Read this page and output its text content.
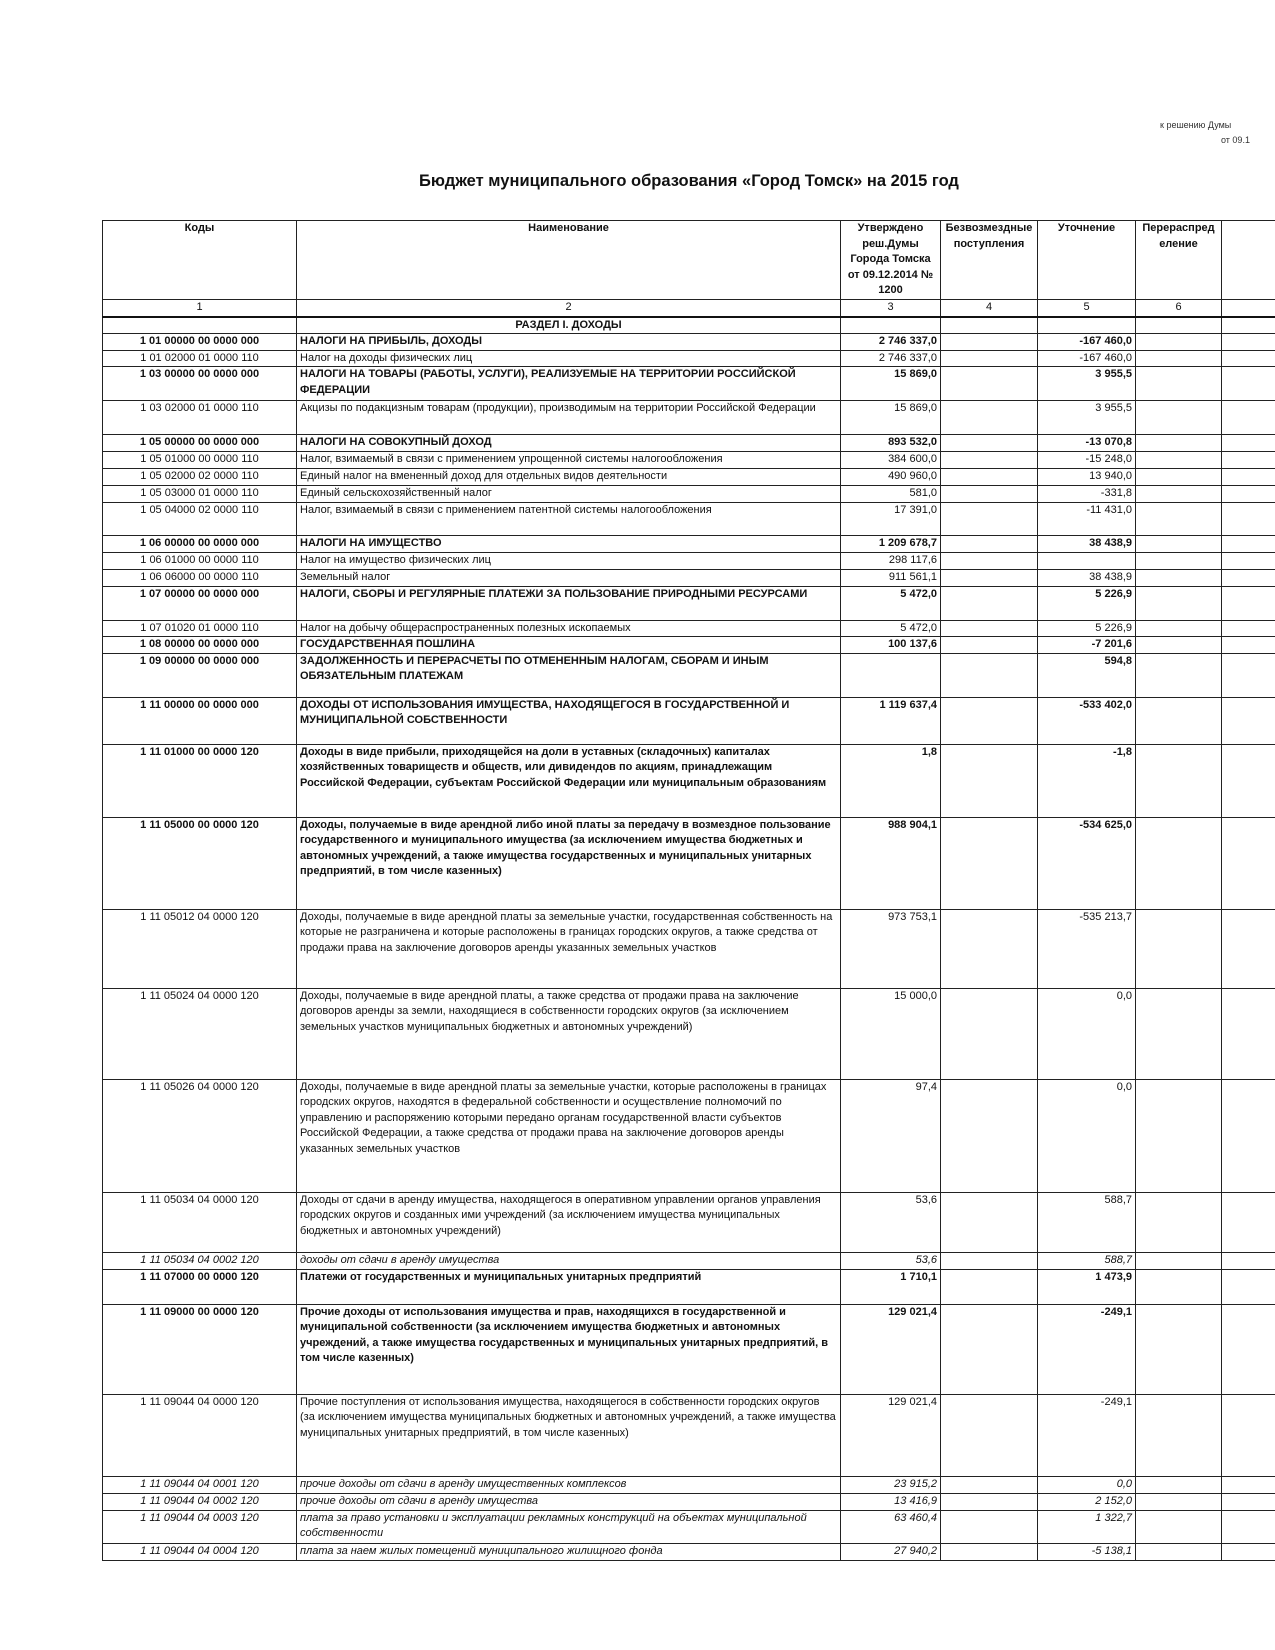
к решению Думы
от 09.1
Бюджет муниципального образования «Город Томск» на 2015 год
Коды	Наименование	Утверждено реш.Думы Города Томска от 09.12.2014 № 1200	Безвозмездные поступления	Уточнение	Перераспред еление	
1	2	3	4	5	6	
	РАЗДЕЛ I. ДОХОДЫ					
1 01 00000 00 0000 000	НАЛОГИ НА ПРИБЫЛЬ, ДОХОДЫ	2 746 337,0		-167 460,0		
1 01 02000 01 0000 110	Налог на доходы физических лиц	2 746 337,0		-167 460,0		
1 03 00000 00 0000 000	НАЛОГИ НА ТОВАРЫ (РАБОТЫ, УСЛУГИ), РЕАЛИЗУЕМЫЕ НА ТЕРРИТОРИИ РОССИЙСКОЙ ФЕДЕРАЦИИ	15 869,0		3 955,5		
1 03 02000 01 0000 110	Акцизы по подакцизным товарам (продукции), производимым на территории Российской Федерации	15 869,0		3 955,5		
1 05 00000 00 0000 000	НАЛОГИ НА СОВОКУПНЫЙ ДОХОД	893 532,0		-13 070,8		
1 05 01000 00 0000 110	Налог, взимаемый в связи с применением упрощенной системы налогообложения	384 600,0		-15 248,0		
1 05 02000 02 0000 110	Единый налог на вмененный доход для отдельных видов деятельности	490 960,0		13 940,0		
1 05 03000 01 0000 110	Единый сельскохозяйственный налог	581,0		-331,8		
1 05 04000 02 0000 110	Налог, взимаемый в связи с применением патентной системы налогообложения	17 391,0		-11 431,0		
1 06 00000 00 0000 000	НАЛОГИ НА ИМУЩЕСТВО	1 209 678,7		38 438,9		
1 06 01000 00 0000 110	Налог на имущество физических лиц	298 117,6				
1 06 06000 00 0000 110	Земельный налог	911 561,1		38 438,9		
1 07 00000 00 0000 000	НАЛОГИ, СБОРЫ И РЕГУЛЯРНЫЕ ПЛАТЕЖИ ЗА ПОЛЬЗОВАНИЕ ПРИРОДНЫМИ РЕСУРСАМИ	5 472,0		5 226,9		
1 07 01020 01 0000 110	Налог на добычу общераспространенных полезных ископаемых	5 472,0		5 226,9		
1 08 00000 00 0000 000	ГОСУДАРСТВЕННАЯ ПОШЛИНА	100 137,6		-7 201,6		
1 09 00000 00 0000 000	ЗАДОЛЖЕННОСТЬ И ПЕРЕРАСЧЕТЫ ПО ОТМЕНЕННЫМ НАЛОГАМ, СБОРАМ И ИНЫМ ОБЯЗАТЕЛЬНЫМ ПЛАТЕЖАМ			594,8		
1 11 00000 00 0000 000	ДОХОДЫ ОТ ИСПОЛЬЗОВАНИЯ ИМУЩЕСТВА, НАХОДЯЩЕГОСЯ В ГОСУДАРСТВЕННОЙ И МУНИЦИПАЛЬНОЙ СОБСТВЕННОСТИ	1 119 637,4		-533 402,0		
1 11 01000 00 0000 120	Доходы в виде прибыли, приходящейся на доли в уставных (складочных) капиталах хозяйственных товариществ и обществ, или дивидендов по акциям, принадлежащим Российской Федерации, субъектам Российской Федерации или муниципальным образованиям	1,8		-1,8		
1 11 05000 00 0000 120	Доходы, получаемые в виде арендной либо иной платы за передачу в возмездное пользование государственного и муниципального имущества (за исключением имущества бюджетных и автономных учреждений, а также имущества государственных и муниципальных унитарных предприятий, в том числе казенных)	988 904,1		-534 625,0		
1 11 05012 04 0000 120	Доходы, получаемые в виде арендной платы за земельные участки, государственная собственность на которые не разграничена и которые расположены в границах городских округов, а также средства от продажи права на заключение договоров аренды указанных земельных участков	973 753,1		-535 213,7		
1 11 05024 04 0000 120	Доходы, получаемые в виде арендной платы, а также средства от продажи права на заключение договоров аренды за земли, находящиеся в собственности городских округов (за исключением земельных участков муниципальных бюджетных и автономных учреждений)	15 000,0		0,0		
1 11 05026 04 0000 120	Доходы, получаемые в виде арендной платы за земельные участки, которые расположены в границах городских округов, находятся в федеральной собственности и осуществление полномочий по управлению и распоряжению которыми передано органам государственной власти субъектов Российской Федерации, а также средства от продажи права на заключение договоров аренды указанных земельных участков	97,4		0,0		
1 11 05034 04 0000 120	Доходы от сдачи в аренду имущества, находящегося в оперативном управлении органов управления городских округов и созданных ими учреждений (за исключением имущества муниципальных бюджетных и автономных учреждений)	53,6		588,7		
1 11 05034 04 0002 120	доходы от сдачи в аренду имущества	53,6		588,7		
1 11 07000 00 0000 120	Платежи от государственных и муниципальных унитарных предприятий	1 710,1		1 473,9		
1 11 09000 00 0000 120	Прочие доходы от использования имущества и прав, находящихся в государственной и муниципальной собственности (за исключением имущества бюджетных и автономных учреждений, а также имущества государственных и муниципальных унитарных предприятий, в том числе казенных)	129 021,4		-249,1		
1 11 09044 04 0000 120	Прочие поступления от использования имущества, находящегося в собственности городских округов (за исключением имущества муниципальных бюджетных и автономных учреждений, а также имущества муниципальных унитарных предприятий, в том числе казенных)	129 021,4		-249,1		
1 11 09044 04 0001 120	прочие доходы от сдачи в аренду имущественных комплексов	23 915,2		0,0		
1 11 09044 04 0002 120	прочие доходы от сдачи в аренду имущества	13 416,9		2 152,0		
1 11 09044 04 0003 120	плата за право установки и эксплуатации рекламных конструкций на объектах муниципальной собственности	63 460,4		1 322,7		
1 11 09044 04 0004 120	плата за наем жилых помещений муниципального жилищного фонда	27 940,2		-5 138,1		
